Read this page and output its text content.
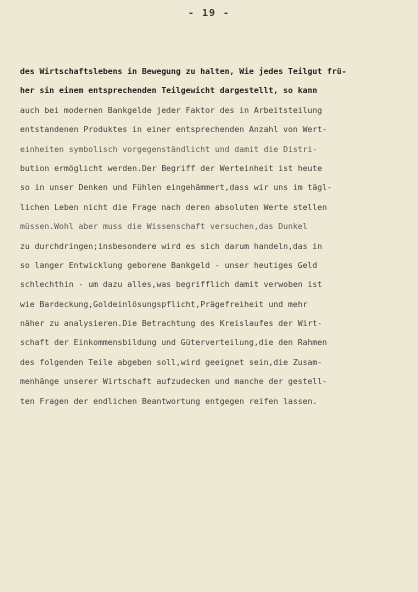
- 19 -
des Wirtschaftslebens in Bewegung zu halten, Wie jedes Teilgut frü-
her sin einem entsprechenden Teilgewicht dargestellt, so kann
auch bei modernen Bankgelde jeder Faktor des in Arbeitsteilung
entstandenen Produktes in einer entsprechenden Anzahl von Wert-
einheiten symbolisch vorgegenständlicht und damit die Distri-
bution ermöglicht werden.Der Begriff der Werteinheit ist heute
so in unser Denken und Fühlen eingehämmert,dass wir uns im tägl-
lichen Leben nicht die Frage nach deren absoluten Werte stellen
müssen.Wohl aber muss die Wissenschaft versuchen,das Dunkel
zu durchdringen;insbesondere wird es sich darum handeln,das in
so langer Entwicklung geborene Bankgeld - unser heutiges Geld
schlechthin - um dazu alles,was begrifflich damit verwoben ist
wie Bardeckung,Goldeinlösungspflicht,Prägefreiheit und mehr
näher zu analysieren.Die Betrachtung des Kreislaufes der Wirt-
schaft der Einkommensbildung und Güterverteilung,die den Rahmen
des folgenden Teile abgeben soll,wird geeignet sein,die Zusam-
menhänge unserer Wirtschaft aufzudecken und manche der gestell-
ten Fragen der endlichen Beantwortung entgegen reifen lassen.
